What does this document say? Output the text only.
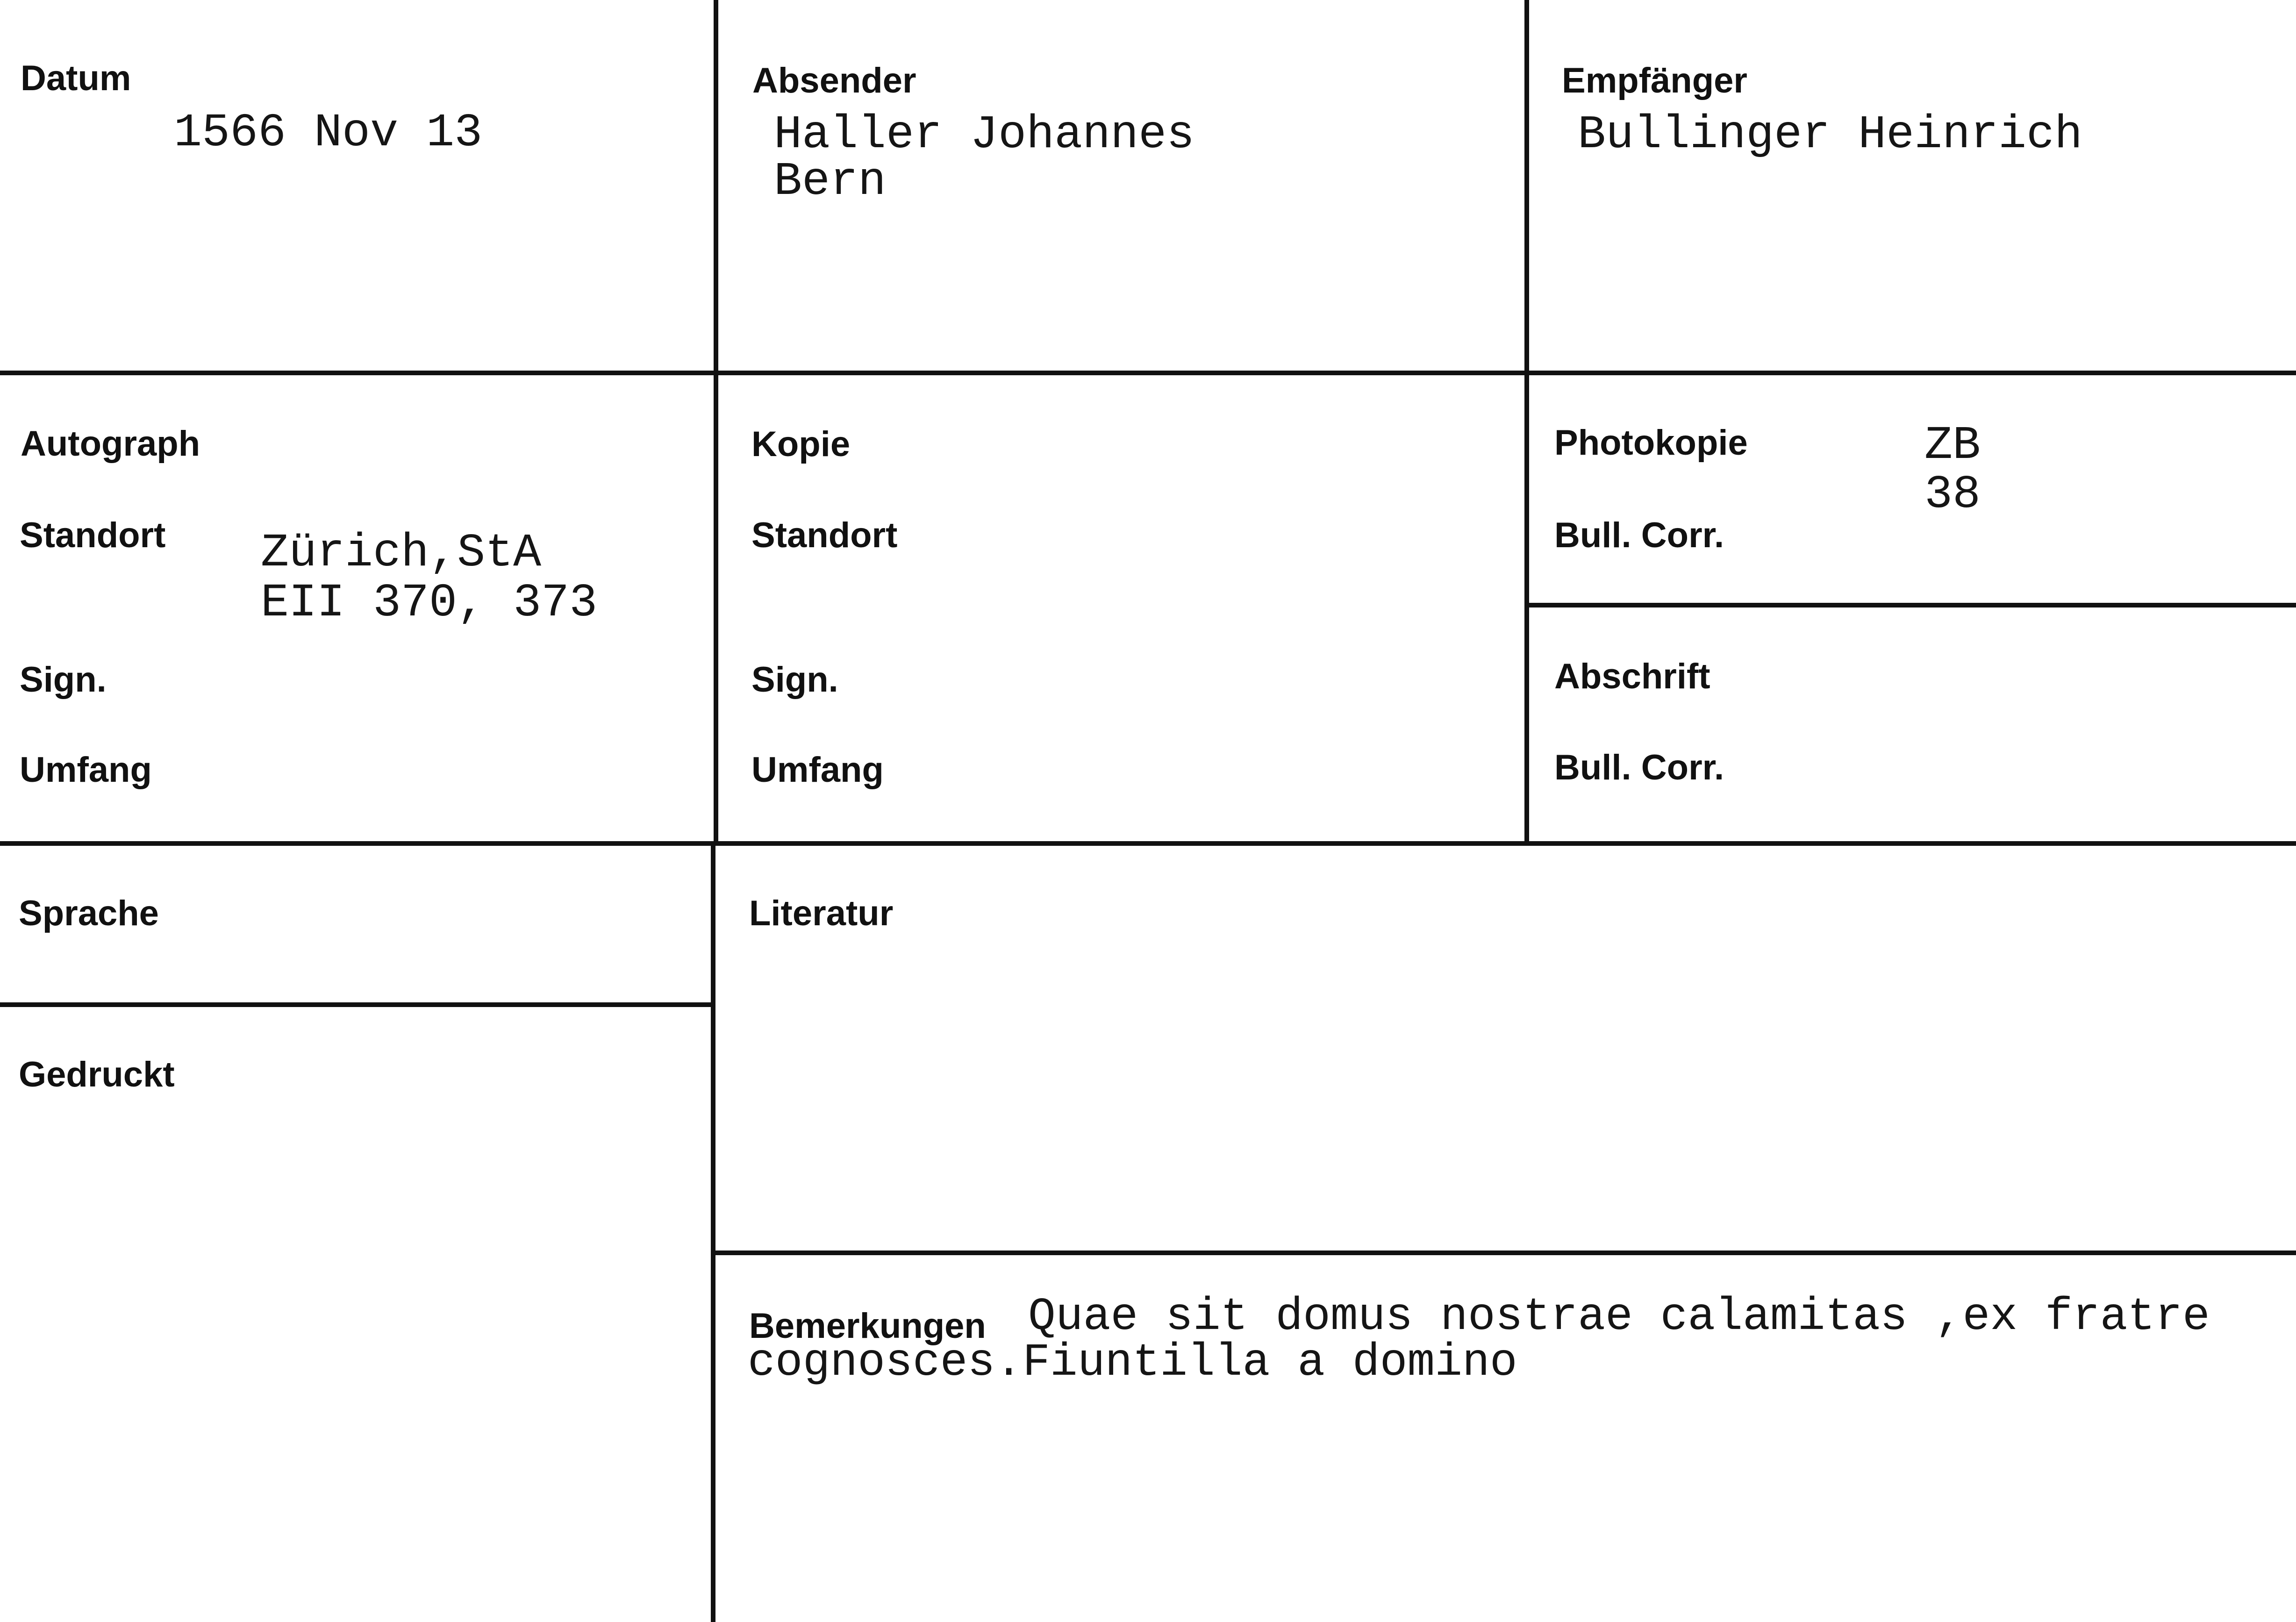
Datum
1566 Nov 13
Absender
Haller Johannes
Bern
Empfänger
Bullinger Heinrich
Autograph
Standort Zürich,StA
EII 370, 373
Sign.
Umfang
Kopie
Standort
Sign.
Umfang
Photokopie	ZB
38
Bull. Corr.
Abschrift
Bull. Corr.
Sprache
Gedruckt
Literatur
Bemerkungen Quae sit domus nostrae calamitas ,ex fratre
cognosces.Fiuntilla a domino
